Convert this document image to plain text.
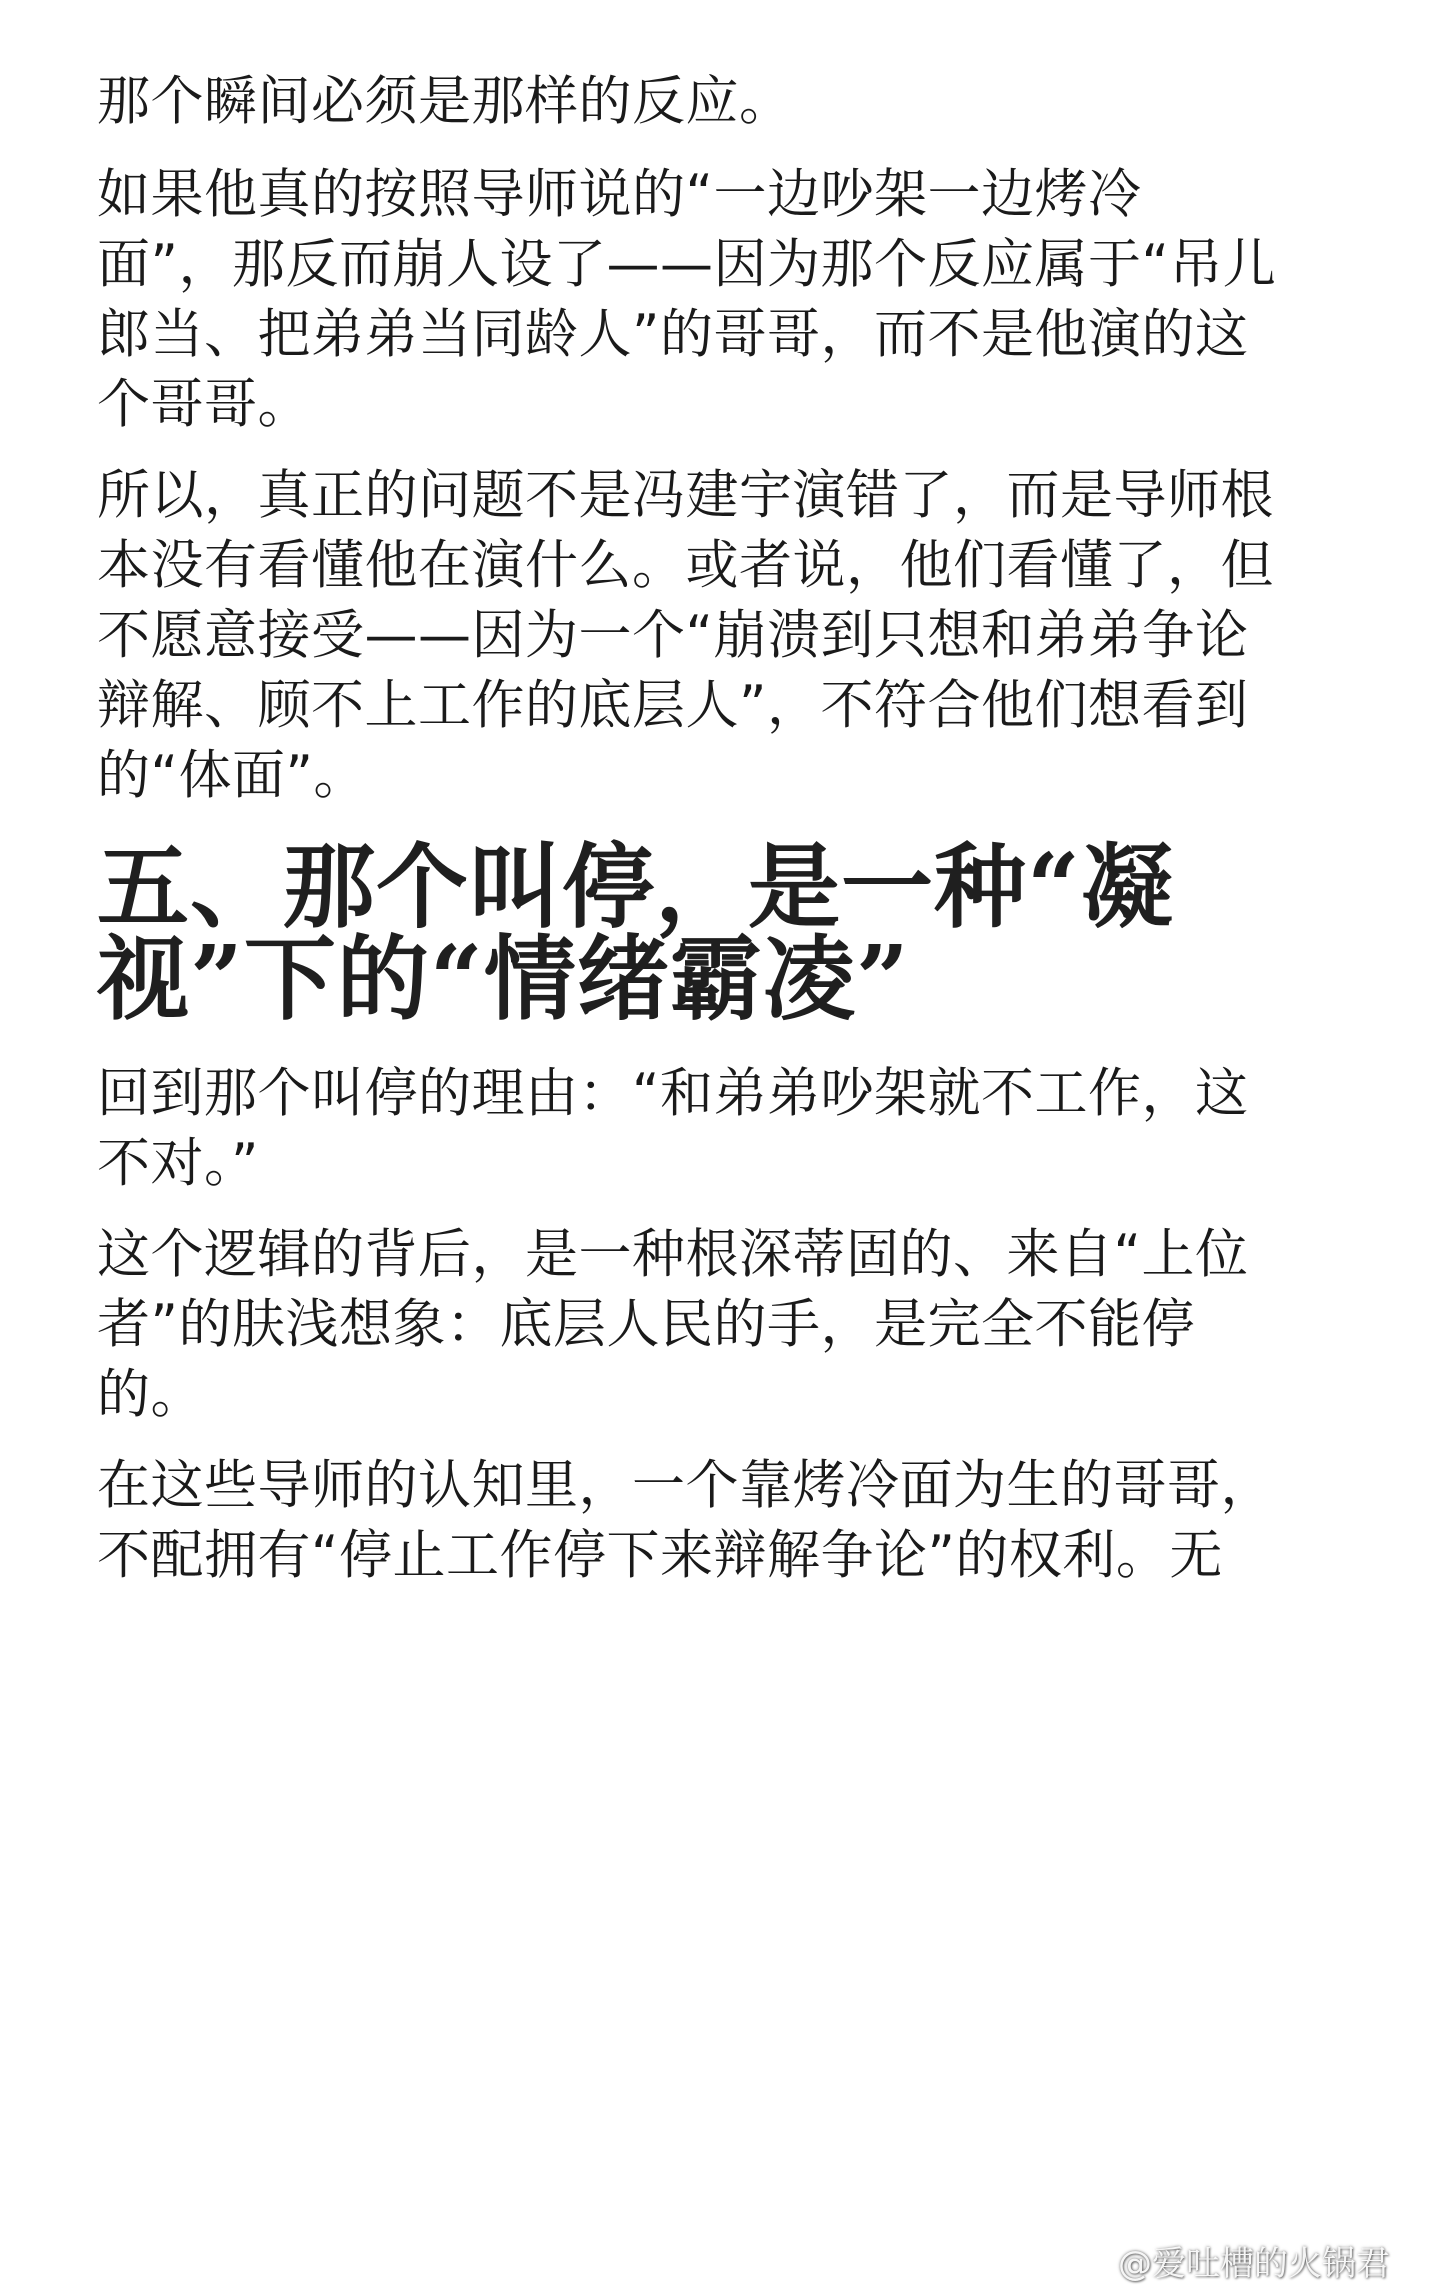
那个瞬间必须是那样的反应。
如果他真的按照导师说的“一边吵架一边烤冷
面”，那反而崩人设了——因为那个反应属于“吊儿
郎当、把弟弟当同龄人”的哥哥，而不是他演的这
个哥哥。
所以，真正的问题不是冯建宇演错了，而是导师根
本没有看懂他在演什么。或者说，他们看懂了，但
不愿意接受——因为一个“崩溃到只想和弟弟争论
辩解、顾不上工作的底层人”，不符合他们想看到
的“体面”。
五、那个叫停，是一种“凝
视”下的“情绪霸凌”
回到那个叫停的理由：“和弟弟吵架就不工作，这
不对。”
这个逻辑的背后，是一种根深蒂固的、来自“上位
者”的肤浅想象：底层人民的手，是完全不能停
的。
在这些导师的认知里，一个靠烤冷面为生的哥哥，
不配拥有“停止工作停下来辩解争论”的权利。无
@爱吐槽的火锅君
